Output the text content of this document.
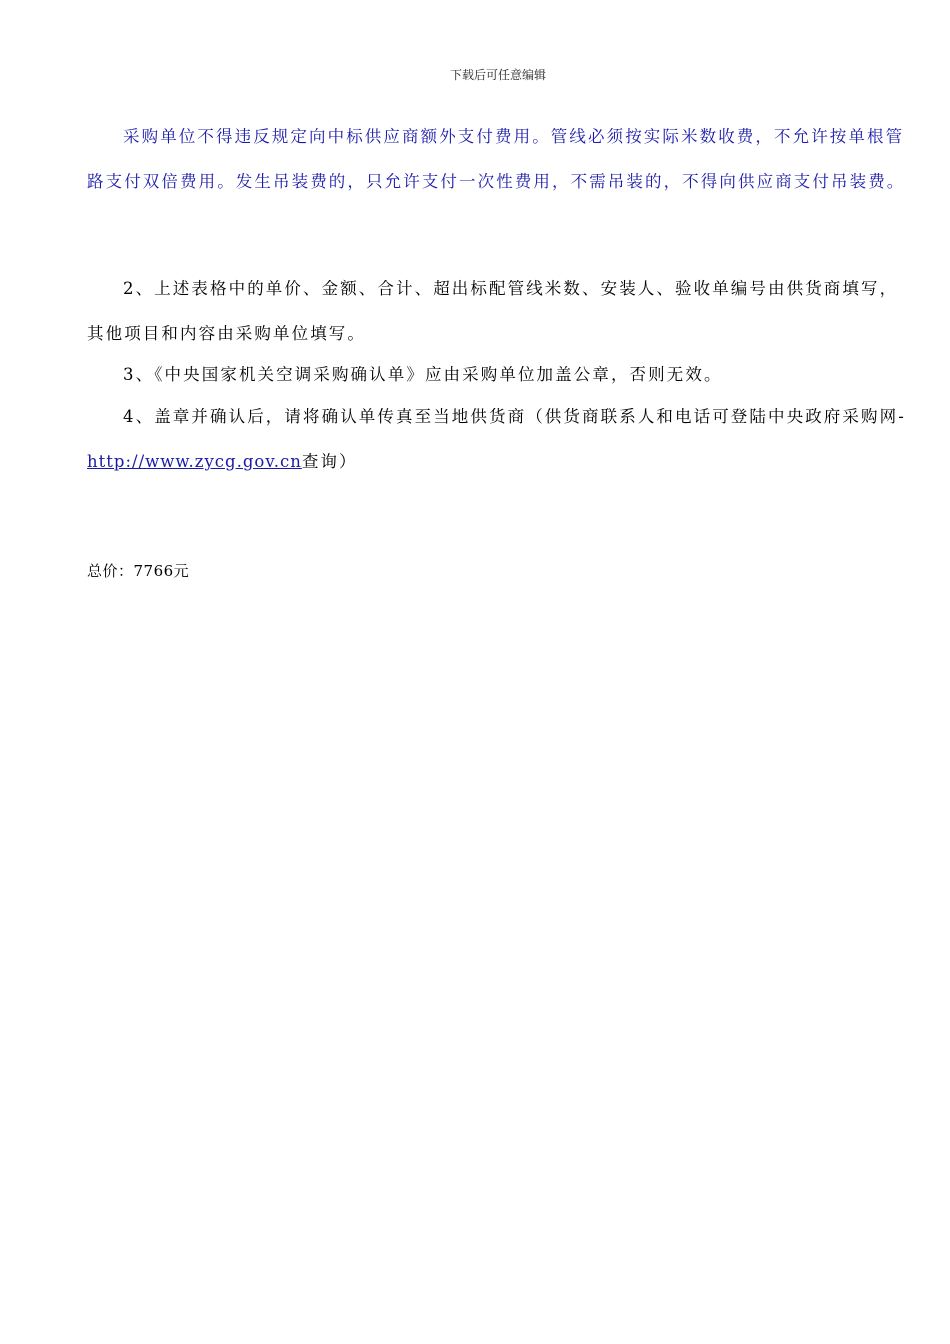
下载后可任意编辑

采购单位不得违反规定向中标供应商额外支付费用。管线必须按实际米数收费，不允许按单根管路支付双倍费用。发生吊装费的，只允许支付一次性费用，不需吊装的，不得向供应商支付吊装费。

2、上述表格中的单价、金额、合计、超出标配管线米数、安装人、验收单编号由供货商填写，其他项目和内容由采购单位填写。

3、《中央国家机关空调采购确认单》应由采购单位加盖公章，否则无效。

4、盖章并确认后，请将确认单传真至当地供货商（供货商联系人和电话可登陆中央政府采购网- http://www.zycg.gov.cn查询）

总价：7766元
